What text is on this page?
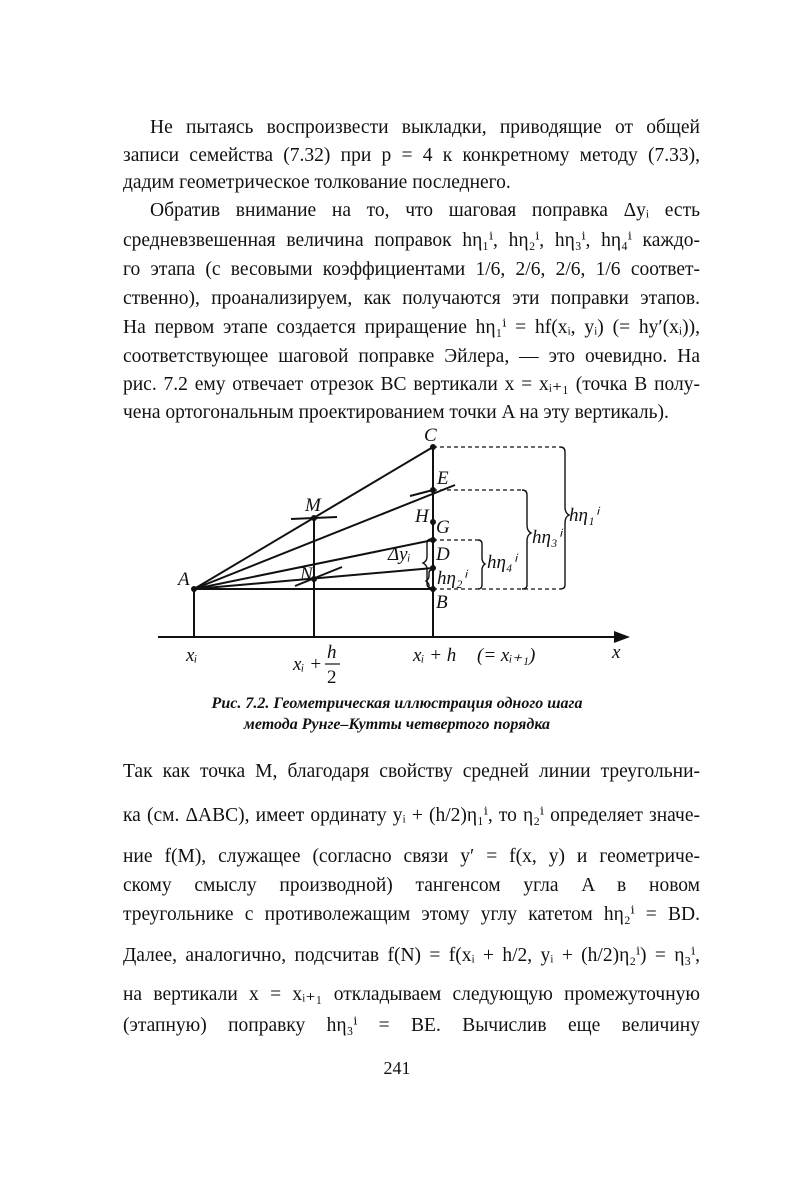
Не пытаясь воспроизвести выкладки, приводящие от общей
записи семейства (7.32) при p = 4 к конкретному методу (7.33),
дадим геометрическое толкование последнего.
Обратив внимание на то, что шаговая поправка Δyᵢ есть
средневзвешенная величина поправок hη₁ⁱ, hη₂ⁱ, hη₃ⁱ, hη₄ⁱ каждо-
го этапа (с весовыми коэффициентами 1/6, 2/6, 2/6, 1/6 соответ-
ственно), проанализируем, как получаются эти поправки этапов.
На первом этапе создается приращение hη₁ⁱ = hf(xᵢ, yᵢ) (= hy′(xᵢ)),
соответствующее шаговой поправке Эйлера, — это очевидно. На
рис. 7.2 ему отвечает отрезок BC вертикали x = xᵢ₊₁ (точка B полу-
чена ортогональным проектированием точки A на эту вертикаль).
A
B
C
D
E
G
H
M
N
hη₁ⁱ
hη₃ⁱ
hη₄ⁱ
hη₂ⁱ
Δyᵢ
xᵢ	xᵢ +
h
2
xᵢ + h (= xᵢ₊₁)	x
Рис. 7.2. Геометрическая иллюстрация одного шага
метода Рунге–Кутты четвертого порядка
Так как точка M, благодаря свойству средней линии треугольни-
ка (см. ΔABC), имеет ординату yᵢ + (h/2)η₁ⁱ, то η₂ⁱ определяет значе-
ние f(M), служащее (согласно связи y′ = f(x, y) и геометриче-
скому смыслу производной) тангенсом угла A в новом
треугольнике с противолежащим этому углу катетом hη₂ⁱ = BD.
Далее, аналогично, подсчитав f(N) = f(xᵢ + h/2, yᵢ + (h/2)η₂ⁱ) = η₃ⁱ,
на вертикали x = xᵢ₊₁ откладываем следующую промежуточную
(этапную) поправку hη₃ⁱ = BE. Вычислив еще величину
241
